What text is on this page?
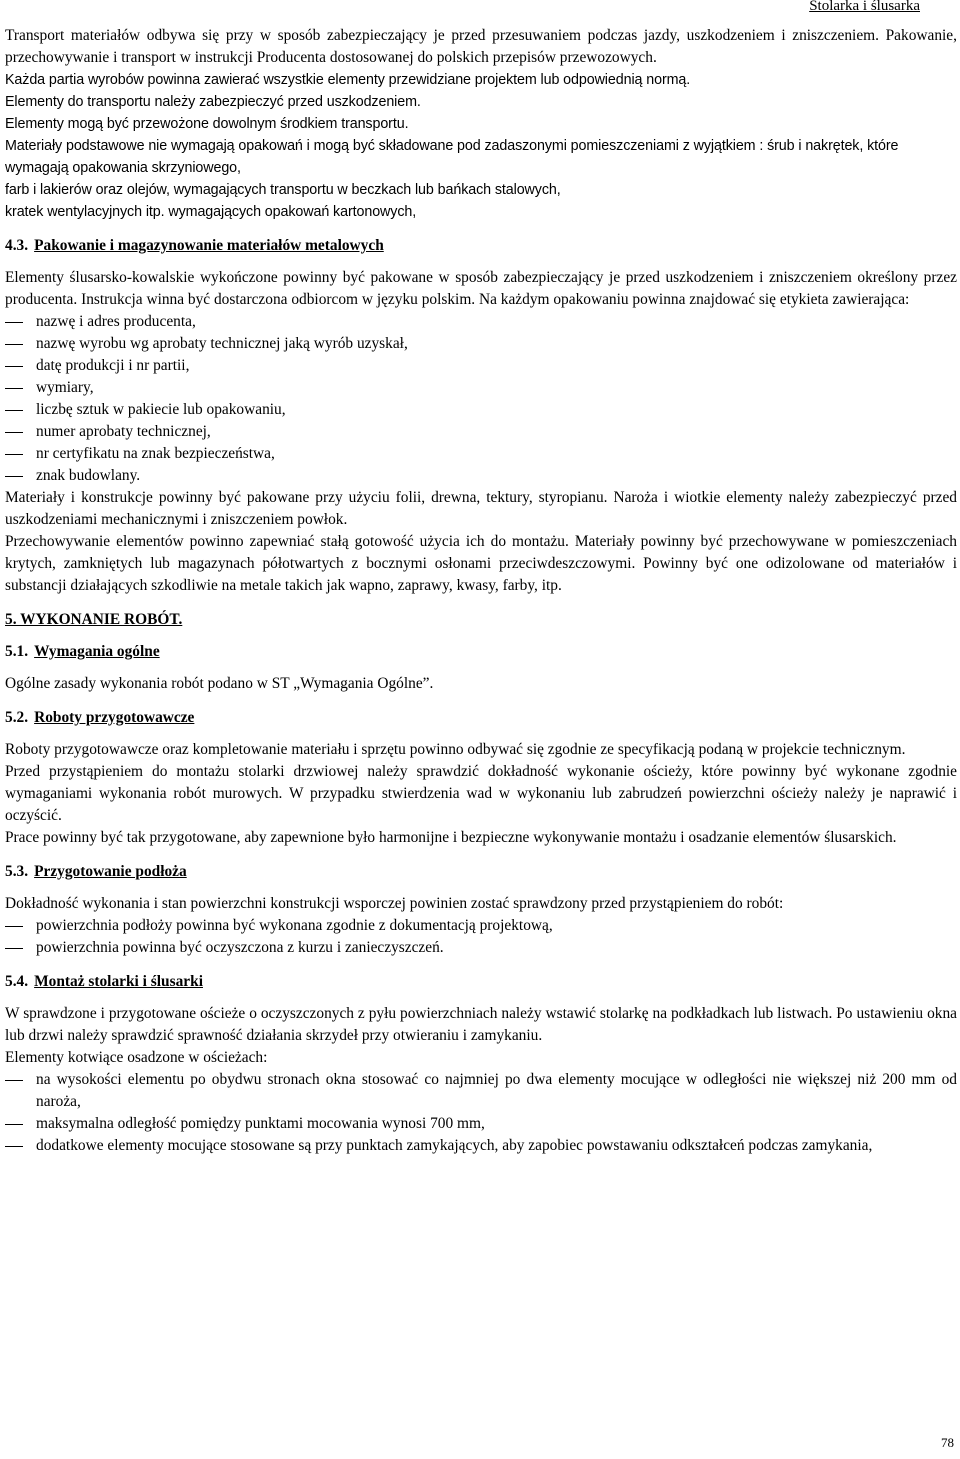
Stolarka i ślusarka

Transport materiałów odbywa się przy w sposób zabezpieczający je przed przesuwaniem podczas jazdy, uszkodzeniem i zniszczeniem. Pakowanie, przechowywanie i transport w instrukcji Producenta dostosowanej do polskich przepisów przewozowych.

Każda partia wyrobów powinna zawierać wszystkie elementy przewidziane projektem lub odpowiednią normą.

Elementy do transportu należy zabezpieczyć przed uszkodzeniem.

Elementy mogą być przewożone dowolnym środkiem transportu.

Materiały podstawowe nie wymagają opakowań i mogą być składowane pod zadaszonymi pomieszczeniami z wyjątkiem : śrub i nakrętek, które wymagają opakowania skrzyniowego,

farb i lakierów oraz olejów, wymagających transportu w beczkach lub bańkach stalowych,

kratek wentylacyjnych itp. wymagających opakowań kartonowych,

4.3. Pakowanie i magazynowanie materiałów metalowych

Elementy ślusarsko-kowalskie wykończone powinny być pakowane w sposób zabezpieczający je przed uszkodzeniem i zniszczeniem określony przez producenta. Instrukcja winna być dostarczona odbiorcom w języku polskim. Na każdym opakowaniu powinna znajdować się etykieta zawierająca:

nazwę i adres producenta,
nazwę wyrobu wg aprobaty technicznej jaką wyrób uzyskał,
datę produkcji i nr partii,
wymiary,
liczbę sztuk w pakiecie lub opakowaniu,
numer aprobaty technicznej,
nr certyfikatu na znak bezpieczeństwa,
znak budowlany.

Materiały i konstrukcje powinny być pakowane przy użyciu folii, drewna, tektury, styropianu. Naroża i wiotkie elementy należy zabezpieczyć przed uszkodzeniami mechanicznymi i zniszczeniem powłok.

Przechowywanie elementów powinno zapewniać stałą gotowość użycia ich do montażu. Materiały powinny być przechowywane w pomieszczeniach krytych, zamkniętych lub magazynach półotwartych z bocznymi osłonami przeciwdeszczowymi. Powinny być one odizolowane od materiałów i substancji działających szkodliwie na metale takich jak wapno, zaprawy, kwasy, farby, itp.

5. WYKONANIE ROBÓT.
5.1. Wymagania ogólne

Ogólne zasady wykonania robót podano w ST „Wymagania Ogólne”.

5.2. Roboty przygotowawcze

Roboty przygotowawcze oraz kompletowanie materiału i sprzętu powinno odbywać się zgodnie ze specyfikacją podaną w projekcie technicznym.

Przed przystąpieniem do montażu stolarki drzwiowej należy sprawdzić dokładność wykonanie ościeży, które powinny być wykonane zgodnie wymaganiami wykonania robót murowych. W przypadku stwierdzenia wad w wykonaniu lub zabrudzeń powierzchni ościeży należy je naprawić i oczyścić.

Prace powinny być tak przygotowane, aby zapewnione było harmonijne i bezpieczne wykonywanie montażu i osadzanie elementów ślusarskich.

5.3. Przygotowanie podłoża

Dokładność wykonania i stan powierzchni konstrukcji wsporczej powinien zostać sprawdzony przed przystąpieniem do robót:

powierzchnia podłoży powinna być wykonana zgodnie z dokumentacją projektową,
powierzchnia powinna być oczyszczona z kurzu i zanieczyszczeń.
5.4. Montaż stolarki i ślusarki

W sprawdzone i przygotowane ościeże o oczyszczonych z pyłu powierzchniach należy wstawić stolarkę na podkładkach lub listwach. Po ustawieniu okna lub drzwi należy sprawdzić sprawność działania skrzydeł przy otwieraniu i zamykaniu.

Elementy kotwiące osadzone w ościeżach:

na wysokości elementu po obydwu stronach okna stosować co najmniej po dwa elementy mocujące w odległości nie większej niż 200 mm od naroża,
maksymalna odległość pomiędzy punktami mocowania wynosi 700 mm,
dodatkowe elementy mocujące stosowane są przy punktach zamykających, aby zapobiec powstawaniu odkształceń podczas zamykania,
78
